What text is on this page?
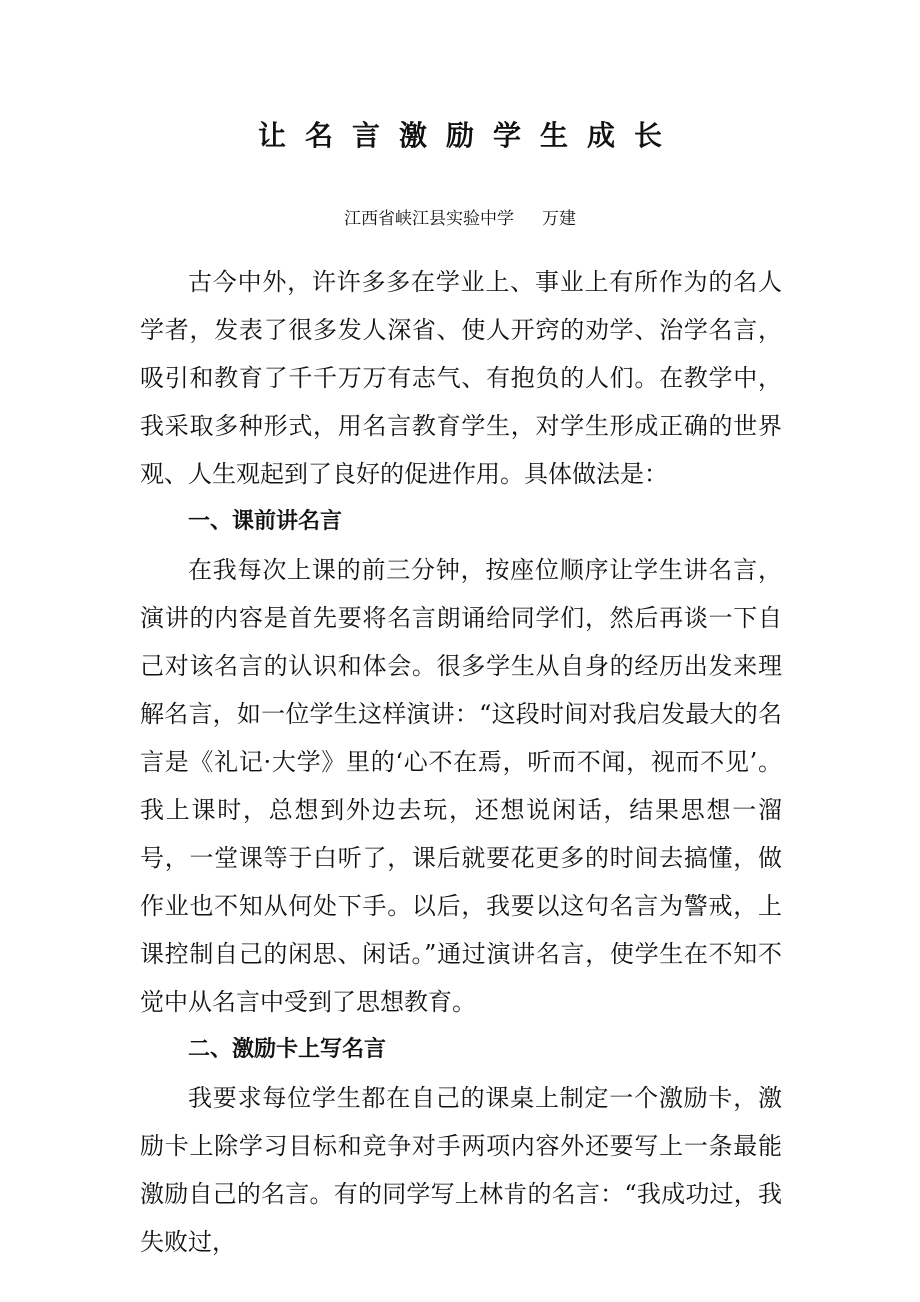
让名言激励学生成长
江西省峡江县实验中学 万建

古今中外，许许多多在学业上、事业上有所作为的名人学者，发表了很多发人深省、使人开窍的劝学、治学名言，吸引和教育了千千万万有志气、有抱负的人们。在教学中，我采取多种形式，用名言教育学生，对学生形成正确的世界观、人生观起到了良好的促进作用。具体做法是：

一、课前讲名言

在我每次上课的前三分钟，按座位顺序让学生讲名言，演讲的内容是首先要将名言朗诵给同学们，然后再谈一下自己对该名言的认识和体会。很多学生从自身的经历出发来理解名言，如一位学生这样演讲：“这段时间对我启发最大的名言是《礼记·大学》里的‘心不在焉，听而不闻，视而不见’。我上课时，总想到外边去玩，还想说闲话，结果思想一溜号，一堂课等于白听了，课后就要花更多的时间去搞懂，做作业也不知从何处下手。以后，我要以这句名言为警戒，上课控制自己的闲思、闲话。”通过演讲名言，使学生在不知不觉中从名言中受到了思想教育。

二、激励卡上写名言

我要求每位学生都在自己的课桌上制定一个激励卡，激励卡上除学习目标和竞争对手两项内容外还要写上一条最能激励自己的名言。有的同学写上林肯的名言：“我成功过，我失败过，
